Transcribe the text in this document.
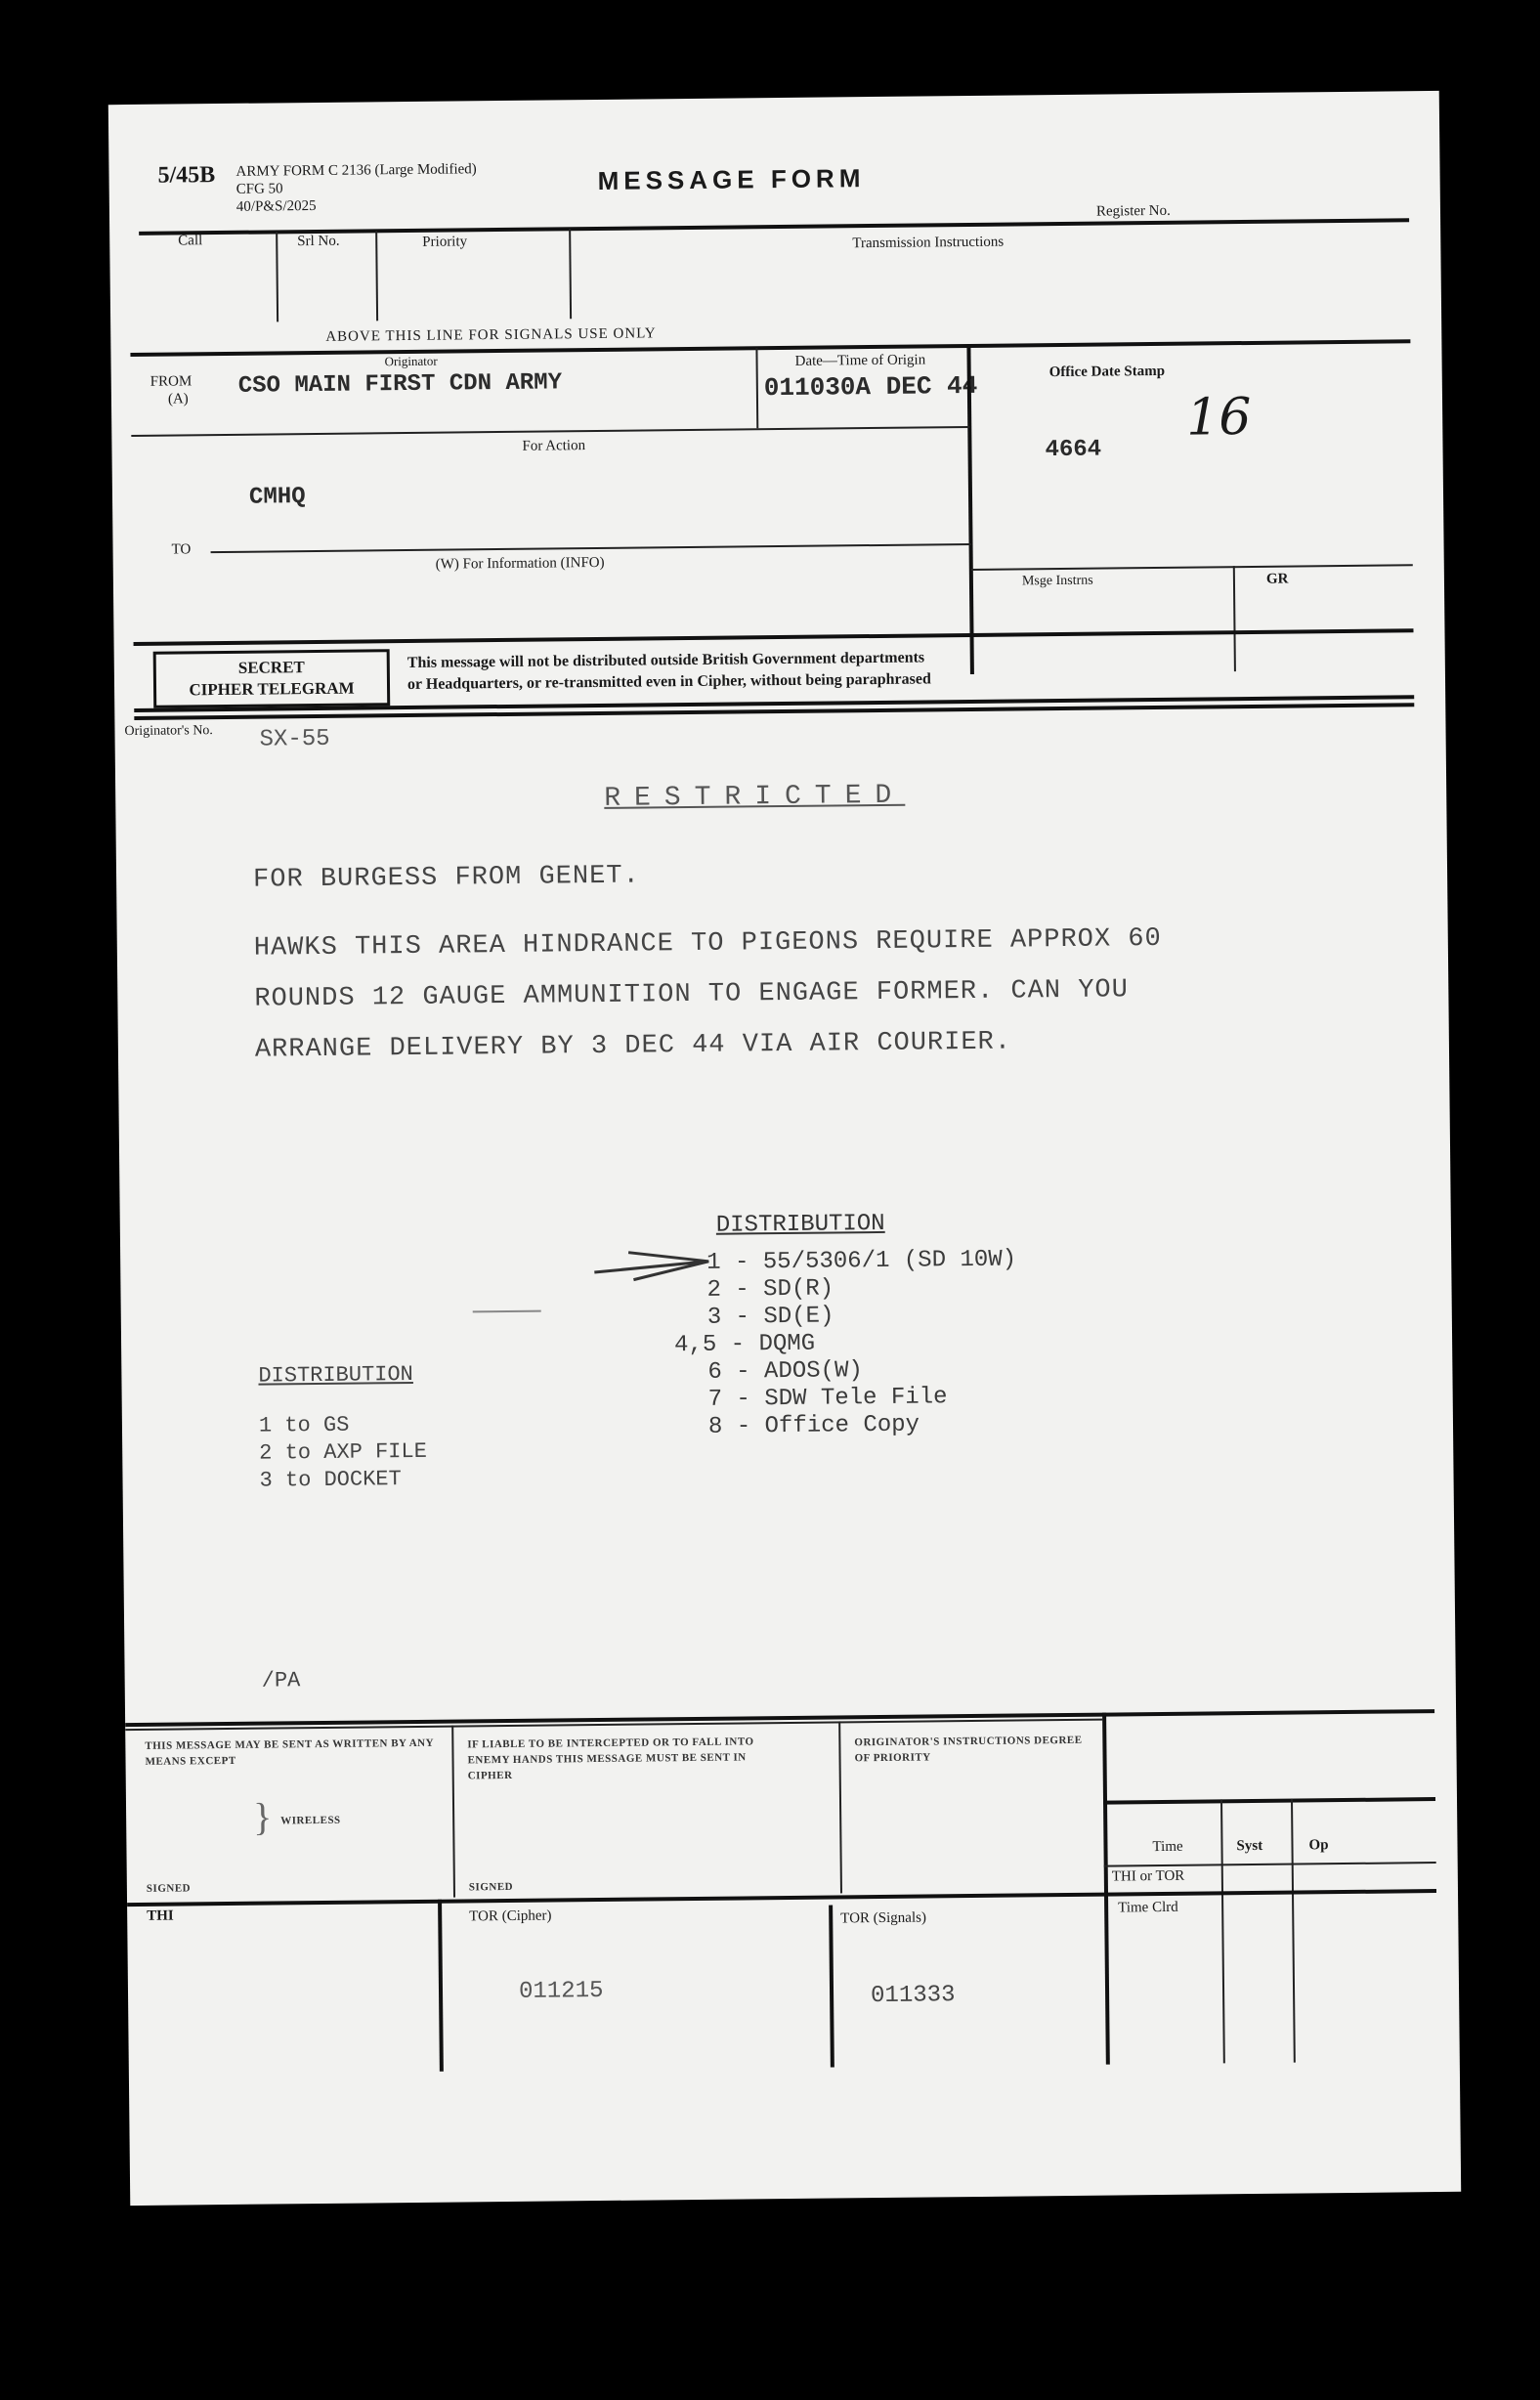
5/45B ARMY FORM C 2136 (Large Modified)
CFG 50
40/P&S/2025
MESSAGE FORM
Register No.
Call	Srl No.	Priority	Transmission Instructions
ABOVE THIS LINE FOR SIGNALS USE ONLY
FROM
(A)
Originator
CSO MAIN FIRST CDN ARMY
Date—Time of Origin
011030A DEC 44	Office Date Stamp
4664
16
For Action
CMHQ
TO
(W) For Information (INFO)
Msge Instrns	GR
SECRET
CIPHER TELEGRAM
This message will not be distributed outside British Government departments
or Headquarters, or re-transmitted even in Cipher, without being paraphrased
Originator's No. SX-55
RESTRICTED
FOR BURGESS FROM GENET.
HAWKS THIS AREA HINDRANCE TO PIGEONS REQUIRE APPROX 60
ROUNDS 12 GAUGE AMMUNITION TO ENGAGE FORMER. CAN YOU
ARRANGE DELIVERY BY 3 DEC 44 VIA AIR COURIER.
DISTRIBUTION
1 - 55/5306/1 (SD 10W)
2 - SD(R)
3 - SD(E)
4,5 - DQMG
6 - ADOS(W)
7 - SDW Tele File
8 - Office Copy
DISTRIBUTION
1 to GS
2 to AXP FILE
3 to DOCKET
/PA
THIS MESSAGE MAY BE SENT AS WRITTEN BY ANY MEANS EXCEPT
} WIRELESS
SIGNED
IF LIABLE TO BE INTERCEPTED OR TO FALL INTO ENEMY HANDS THIS MESSAGE MUST BE SENT IN CIPHER
SIGNED
ORIGINATOR'S INSTRUCTIONS DEGREE OF PRIORITY
Time	Syst	Op
THI or TOR
Time Clrd
THI	TOR (Cipher)
011215
TOR (Signals)
011333
